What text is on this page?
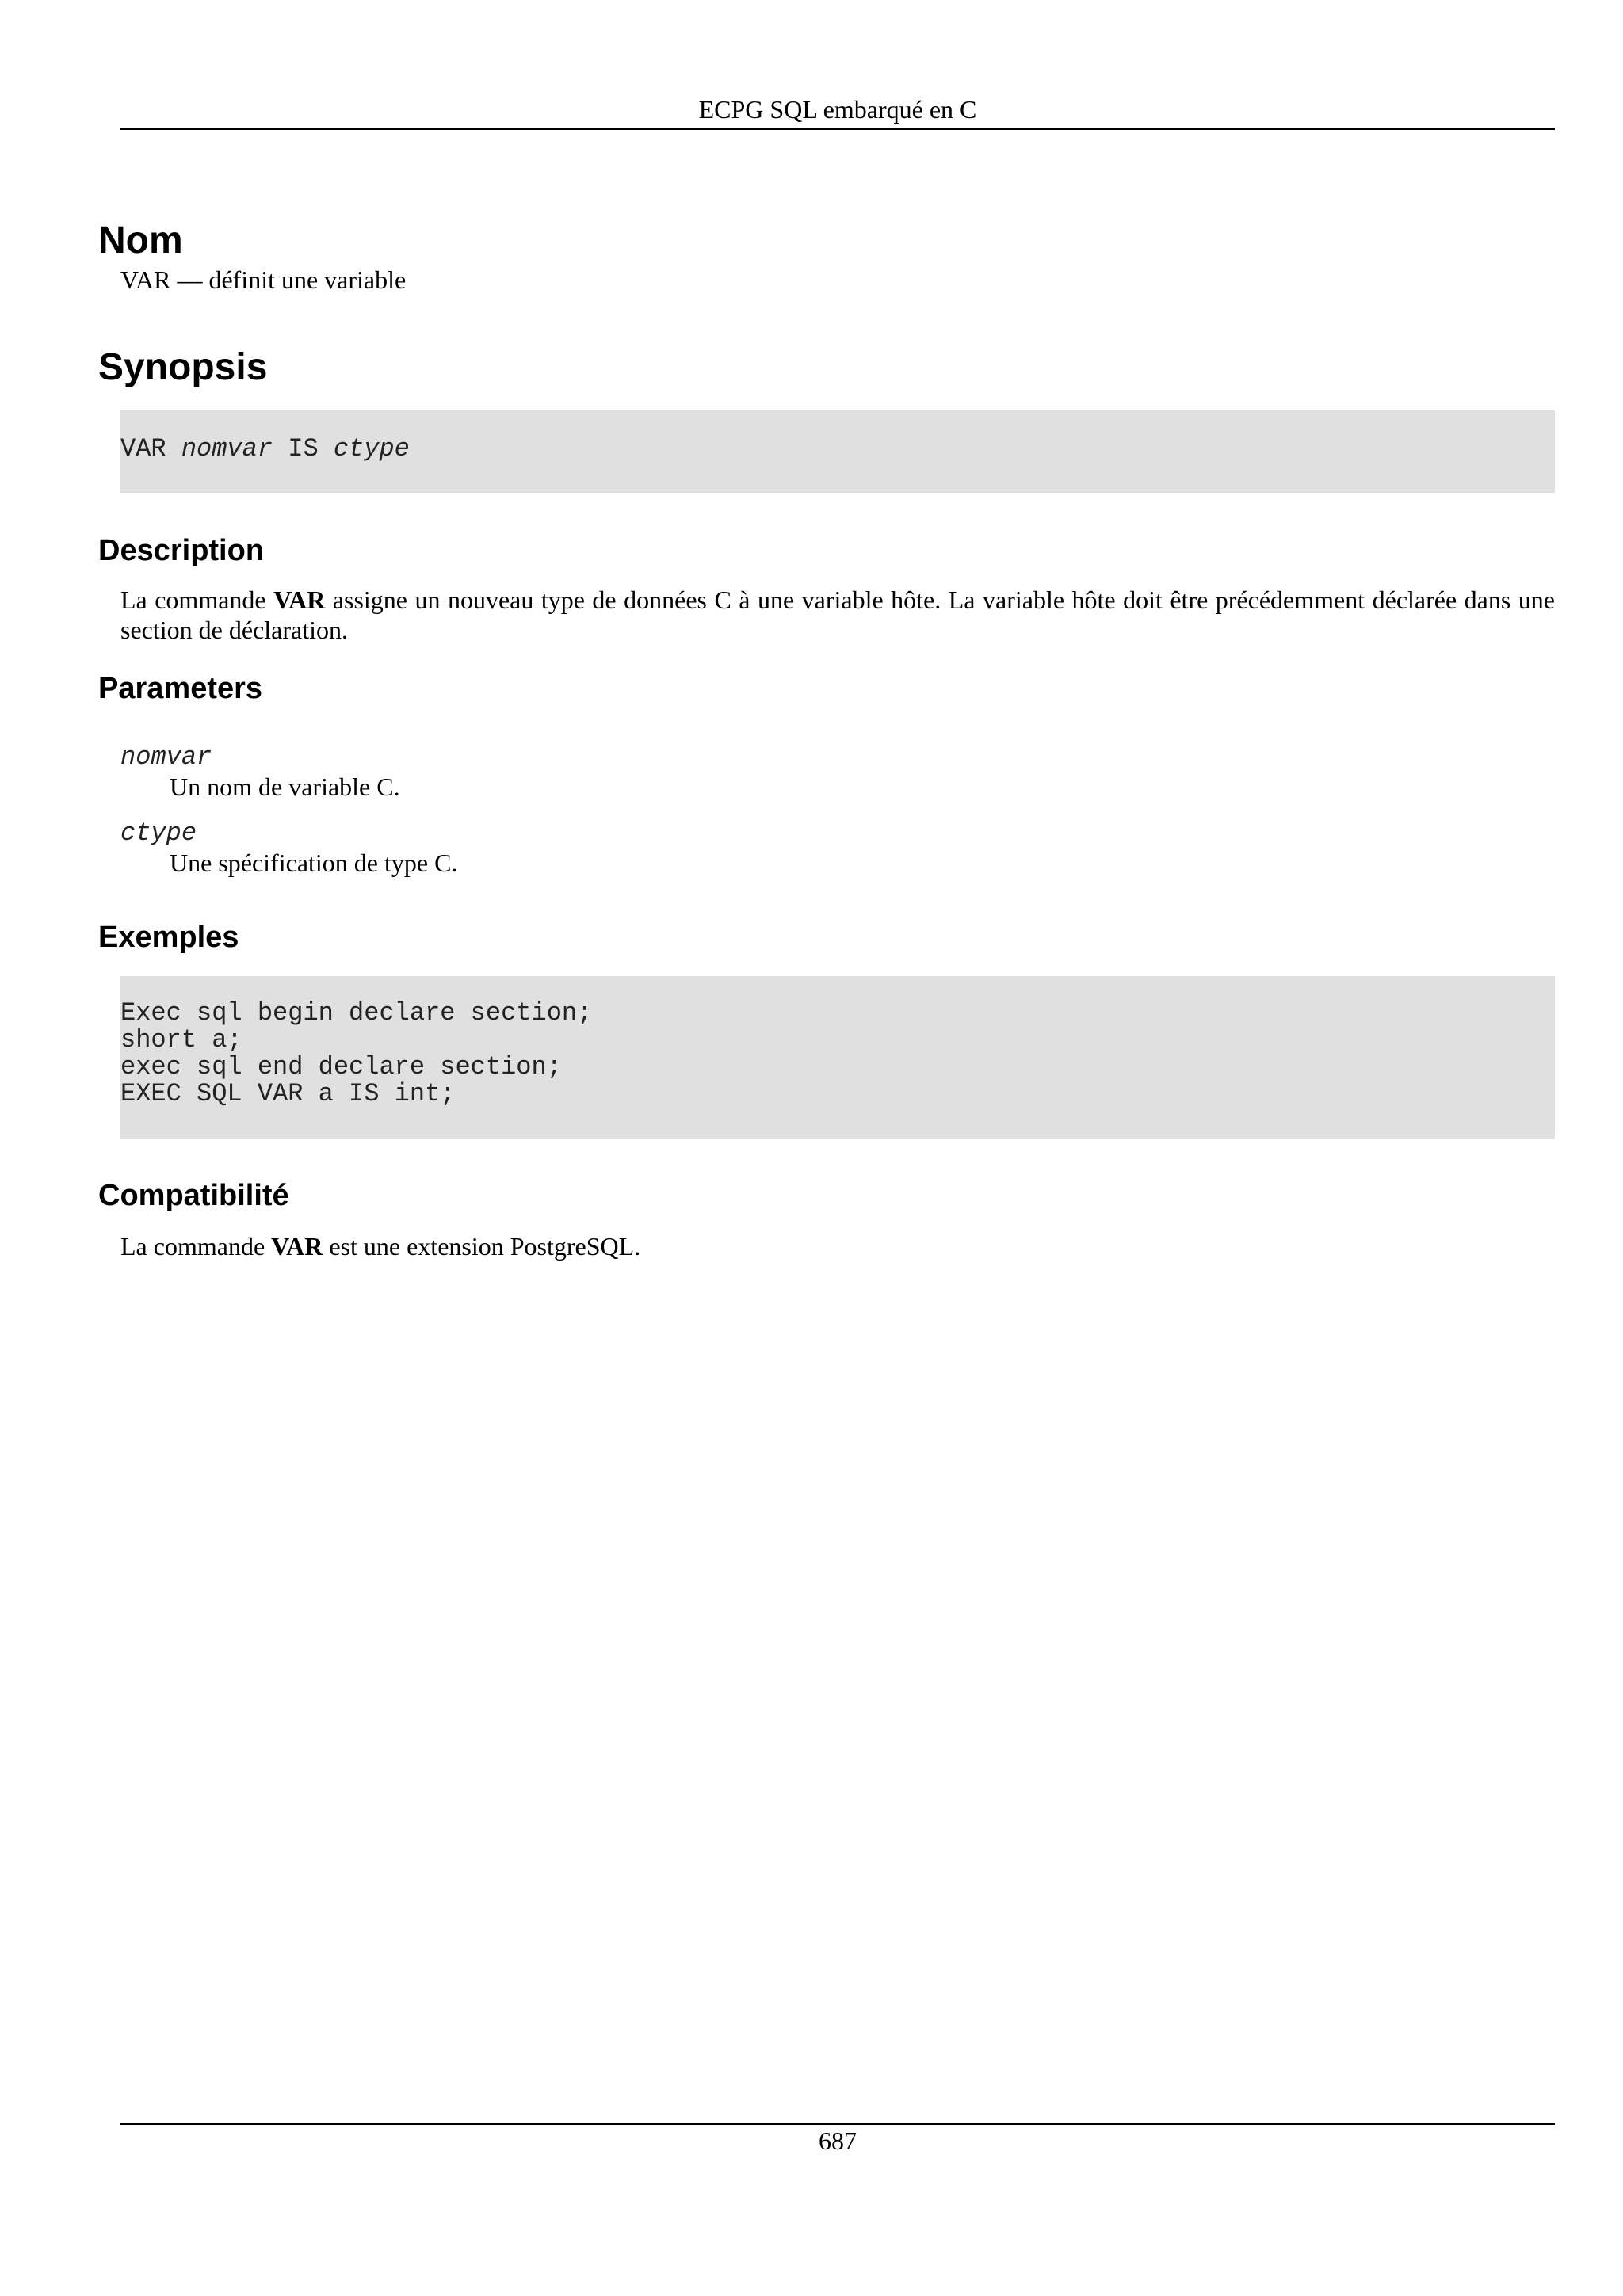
ECPG SQL embarqué en C
Nom

VAR — définit une variable

Synopsis
VAR nomvar IS ctype
Description

La commande VAR assigne un nouveau type de données C à une variable hôte. La variable hôte doit être précédemment déclarée dans une section de déclaration.

Parameters
nomvar
Un nom de variable C.
ctype
Une spécification de type C.
Exemples
Exec sql begin declare section;
short a;
exec sql end declare section;
EXEC SQL VAR a IS int;
Compatibilité

La commande VAR est une extension PostgreSQL.

687
